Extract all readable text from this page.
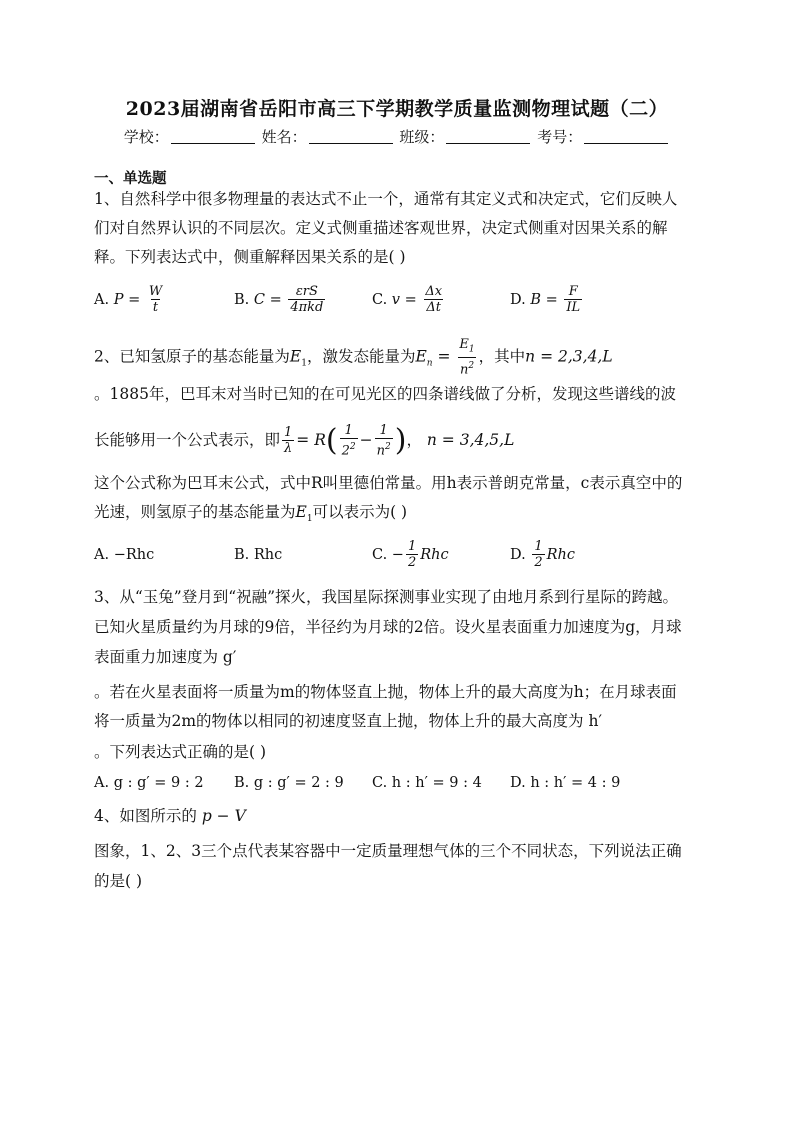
2023届湖南省岳阳市高三下学期教学质量监测物理试题（二）
学校：	姓名：	班级：	考号：
一、单选题
1、自然科学中很多物理量的表达式不止一个，通常有其定义式和决定式，它们反映人
们对自然界认识的不同层次。定义式侧重描述客观世界，决定式侧重对因果关系的解
释。下列表达式中，侧重解释因果关系的是( )
A.
$P = \frac{W}{t}$	B.
$C = \frac{\text{εrS}}{\text{4πkd}}$	C.
$v = \frac{\Delta x}{\Delta t}$	D.
$B = \frac{F}{IL}$
2、已知氢原子的基态能量为$E_1$，激发态能量为$E_n = \frac{E_1}{n^2}$ ，其中n = 2,3,4,L
。1885年，巴耳末对当时已知的在可见光区的四条谱线做了分析，发现这些谱线的波
长能够用一个公式表示，即 $\frac{1}{\lambda} = R( \frac{1}{2^2} - \frac{1}{n^2}$ )， n = 3,4,5,L
这个公式称为巴耳末公式，式中R叫里德伯常量。用h表示普朗克常量，c表示真空中的
光速，则氢原子的基态能量为$E_1$可以表示为( )
A. −Rhc	B. Rhc	C. − $\frac{1}{2}$ Rhc	D.
$\frac{1}{2}$ Rhc
3、从“玉兔”登月到“祝融”探火，我国星际探测事业实现了由地月系到行星际的跨越。
已知火星质量约为月球的9倍，半径约为月球的2倍。设火星表面重力加速度为g，月球
表面重力加速度为 g′
。若在火星表面将一质量为m的物体竖直上抛，物体上升的最大高度为h；在月球表面
将一质量为2m的物体以相同的初速度竖直上抛，物体上升的最大高度为 h′
。下列表达式正确的是( )
A. g : g′ = 9 : 2 B. g : g′ = 2 : 9 C. h : h′ = 9 : 4 D. h : h′ = 4 : 9
4、如图所示的 p − V
图象，1、2、3三个点代表某容器中一定质量理想气体的三个不同状态，下列说法正确
的是( )
